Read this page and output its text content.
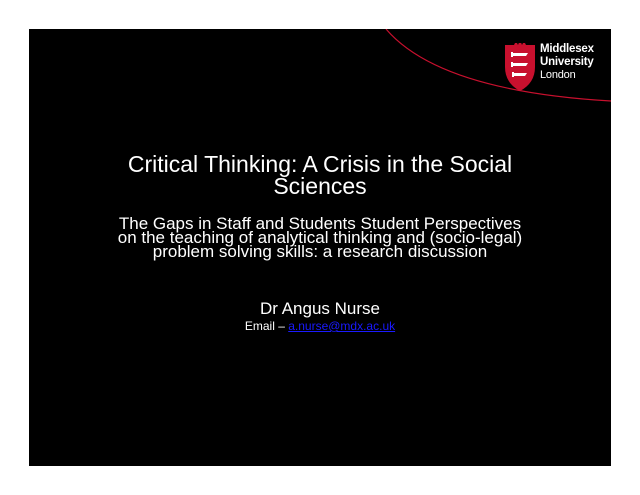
Middlesex
University
London
Critical Thinking: A Crisis in the Social
Sciences
The Gaps in Staff and Students Student Perspectives
on the teaching of analytical thinking and (socio-legal)
problem solving skills: a research discussion
Dr Angus Nurse
Email – a.nurse@mdx.ac.uk
